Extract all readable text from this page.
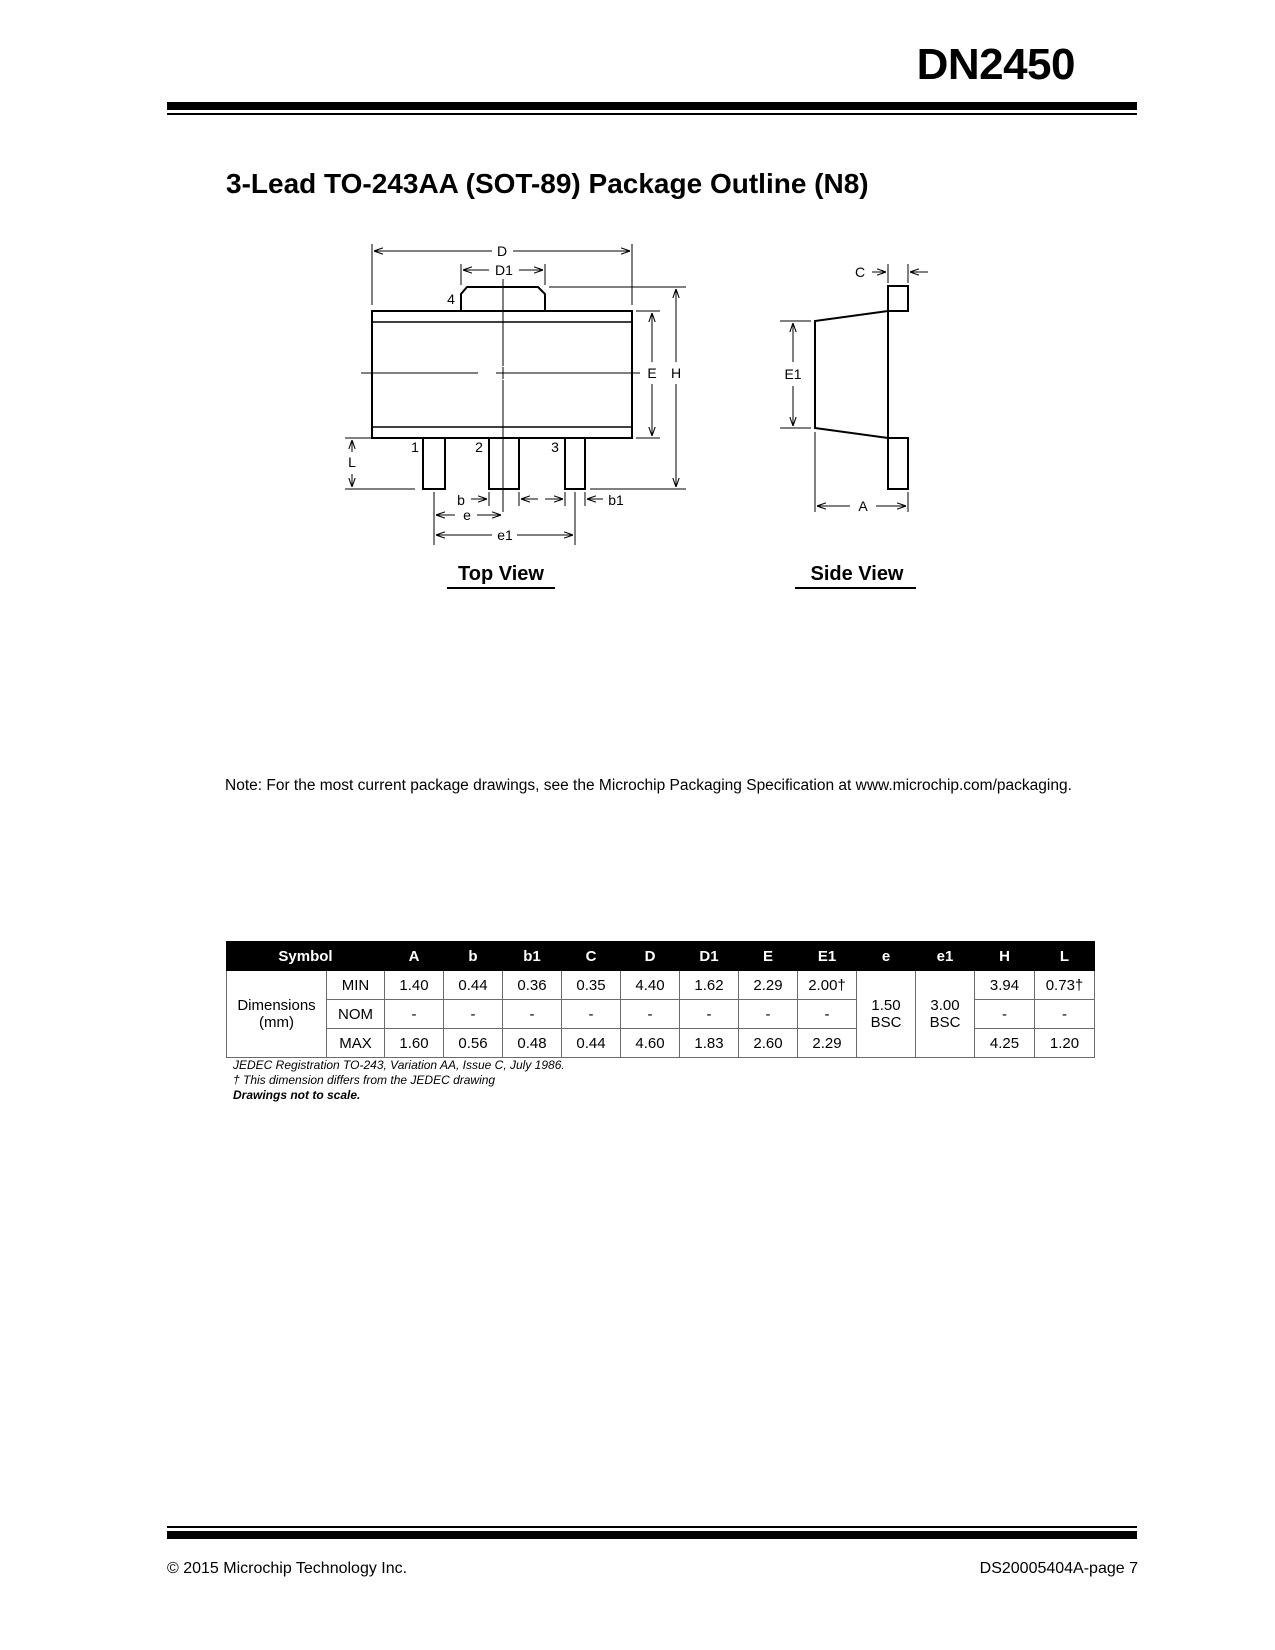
DN2450
3-Lead TO-243AA (SOT-89) Package Outline (N8)
D
D1
4
E H
1	2	3
L
b	b1
e
e1
Top View
C
E1
A
Side View
Note: For the most current package drawings, see the Microchip Packaging Specification at www.microchip.com/packaging.
Symbol		A	b	b1	C	D	D1	E	E1	e	e1	H	L
Dimensions (mm)	MIN	1.40	0.44	0.36	0.35	4.40	1.62	2.29	2.00†	1.50 BSC	3.00 BSC	3.94	0.73†
	NOM	-	-	-	-	-	-	-	-			-	-
	MAX	1.60	0.56	0.48	0.44	4.60	1.83	2.60	2.29			4.25	1.20
JEDEC Registration TO-243, Variation AA, Issue C, July 1986.
† This dimension differs from the JEDEC drawing
Drawings not to scale.
© 2015 Microchip Technology Inc.	DS20005404A-page 7
